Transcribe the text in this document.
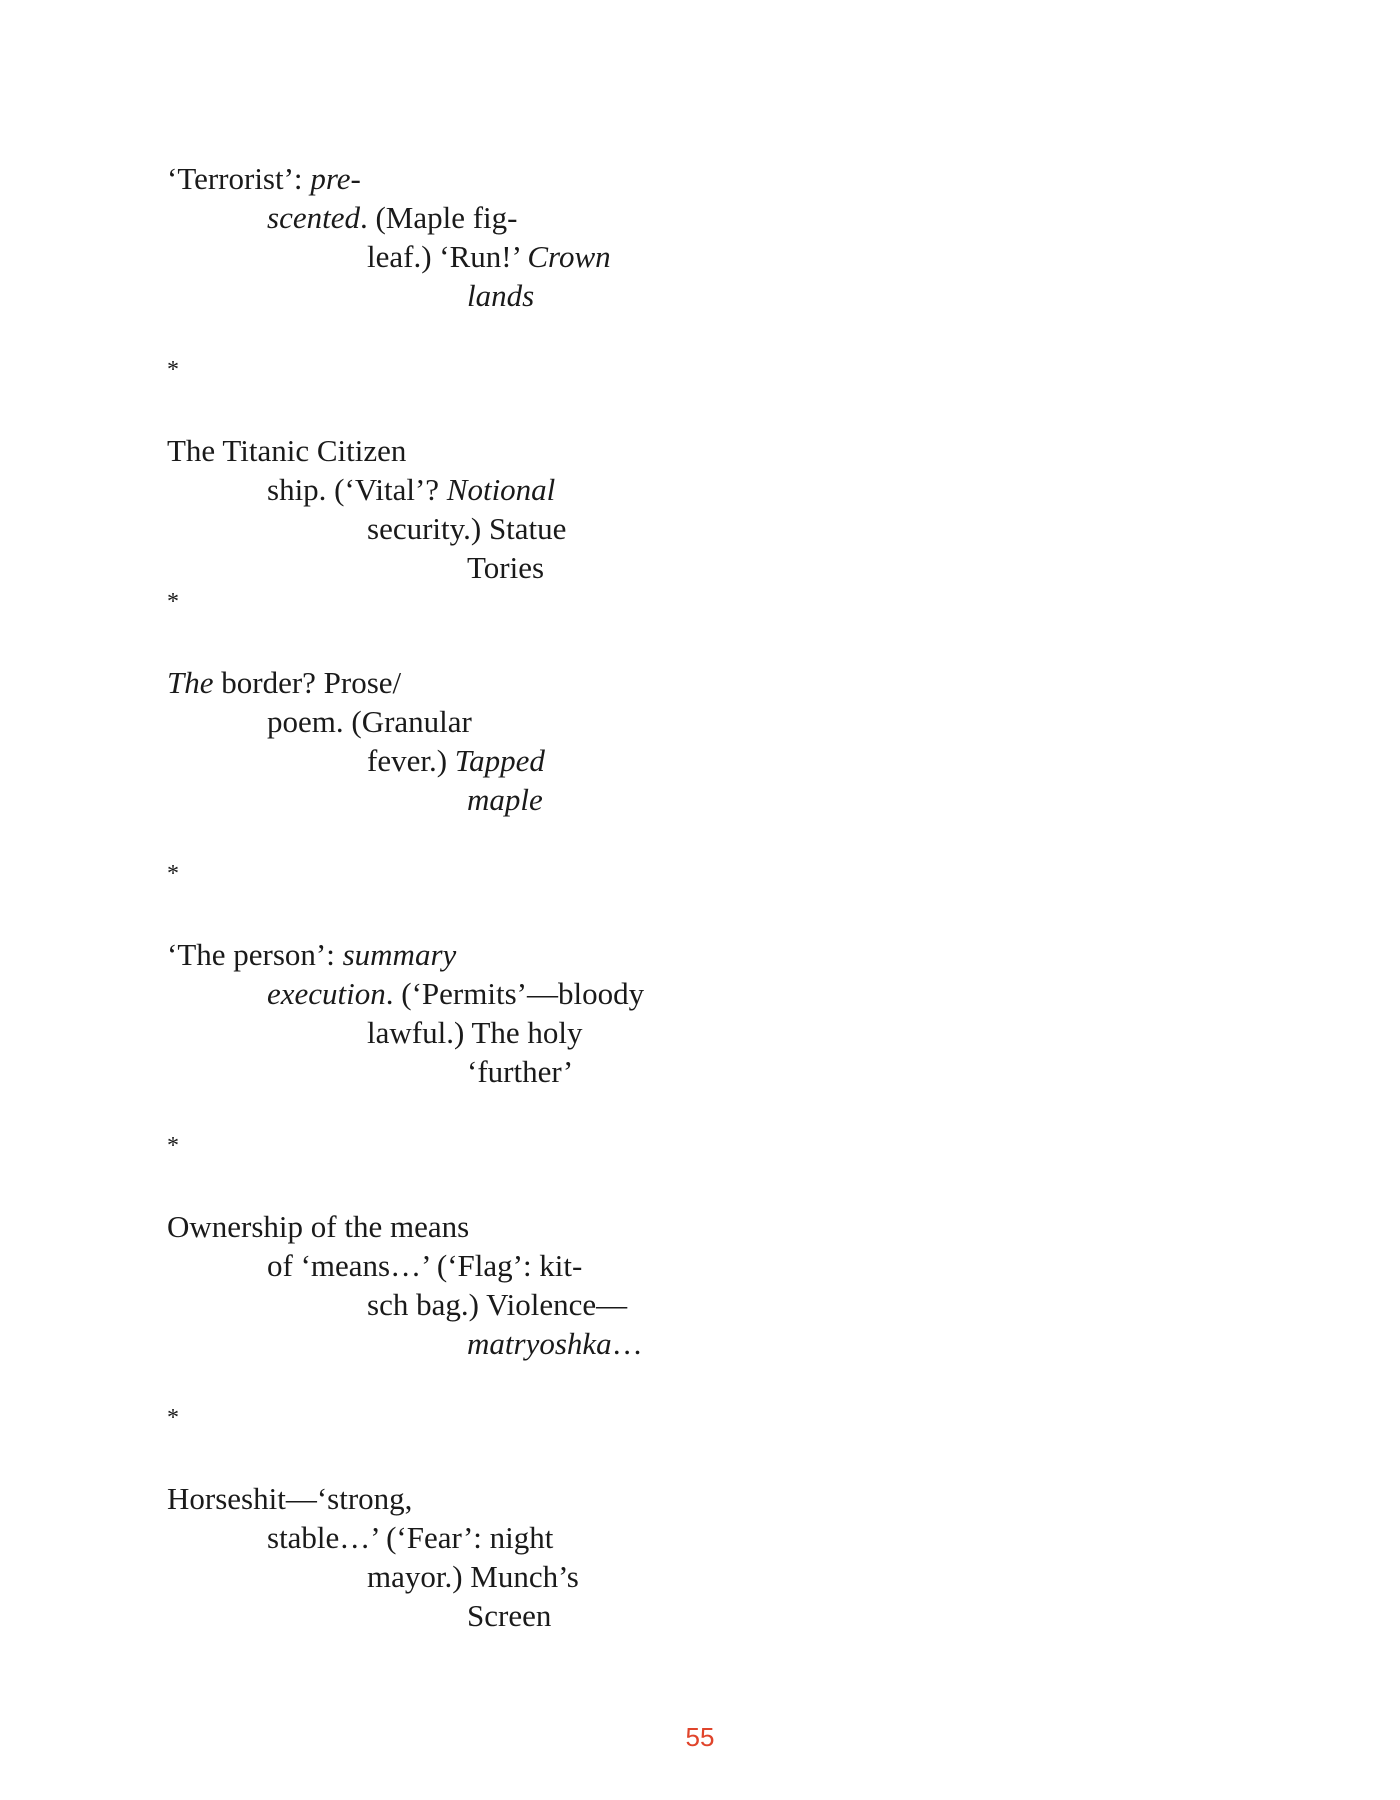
‘Terrorist’: pre-
scented. (Maple fig-
leaf.) ‘Run!’ Crown
lands
*
The Titanic Citizen
ship. (‘Vital’? Notional
security.) Statue
Tories
*
The border? Prose/
poem. (Granular
fever.) Tapped
maple
*
‘The person’: summary
execution. (‘Permits’—bloody
lawful.) The holy
‘further’
*
Ownership of the means
of ‘means…’ (‘Flag’: kit-
sch bag.) Violence—
matryoshka…
*
Horseshit—‘strong,
stable…’ (‘Fear’: night
mayor.) Munch’s
Screen
55
